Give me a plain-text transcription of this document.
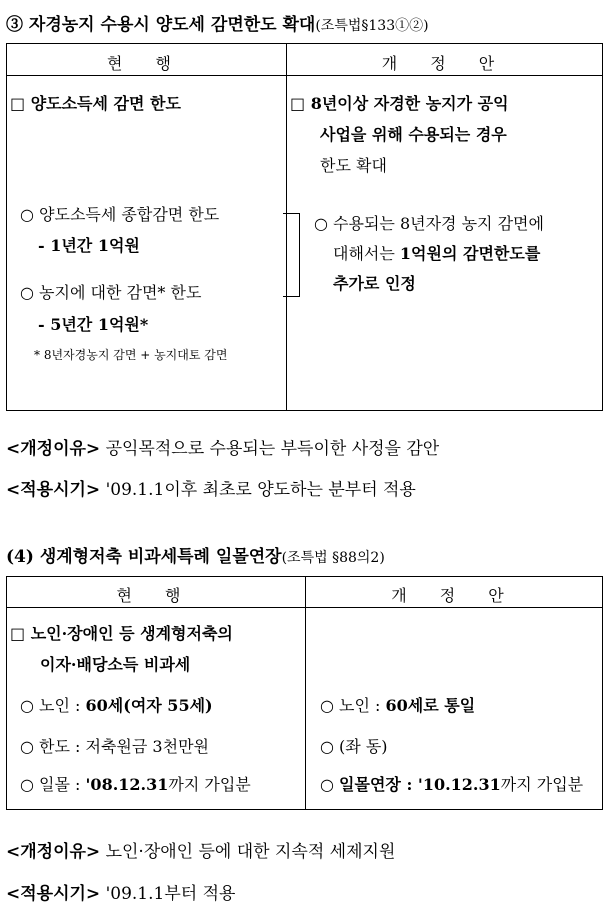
③ 자경농지 수용시 양도세 감면한도 확대(조특법§133①②)
현 행	개 정 안
□ 양도소득세 감면 한도
○ 양도소득세 종합감면 한도
- 1년간 1억원
○ 농지에 대한 감면* 한도
- 5년간 1억원*
* 8년자경농지 감면 + 농지대토 감면
□ 8년이상 자경한 농지가 공익
사업을 위해 수용되는 경우
한도 확대
○ 수용되는 8년자경 농지 감면에
대해서는 1억원의 감면한도를
추가로 인정
<개정이유> 공익목적으로 수용되는 부득이한 사정을 감안
<적용시기> '09.1.1이후 최초로 양도하는 분부터 적용
(4) 생계형저축 비과세특례 일몰연장(조특법 §88의2)
현 행	개 정 안
□ 노인·장애인 등 생계형저축의
이자·배당소득 비과세
○ 노인 : 60세(여자 55세)
○ 한도 : 저축원금 3천만원
○ 일몰 : '08.12.31까지 가입분
○ 노인 : 60세로 통일
○ (좌 동)
○ 일몰연장 : '10.12.31까지 가입분
<개정이유> 노인·장애인 등에 대한 지속적 세제지원
<적용시기> '09.1.1부터 적용
